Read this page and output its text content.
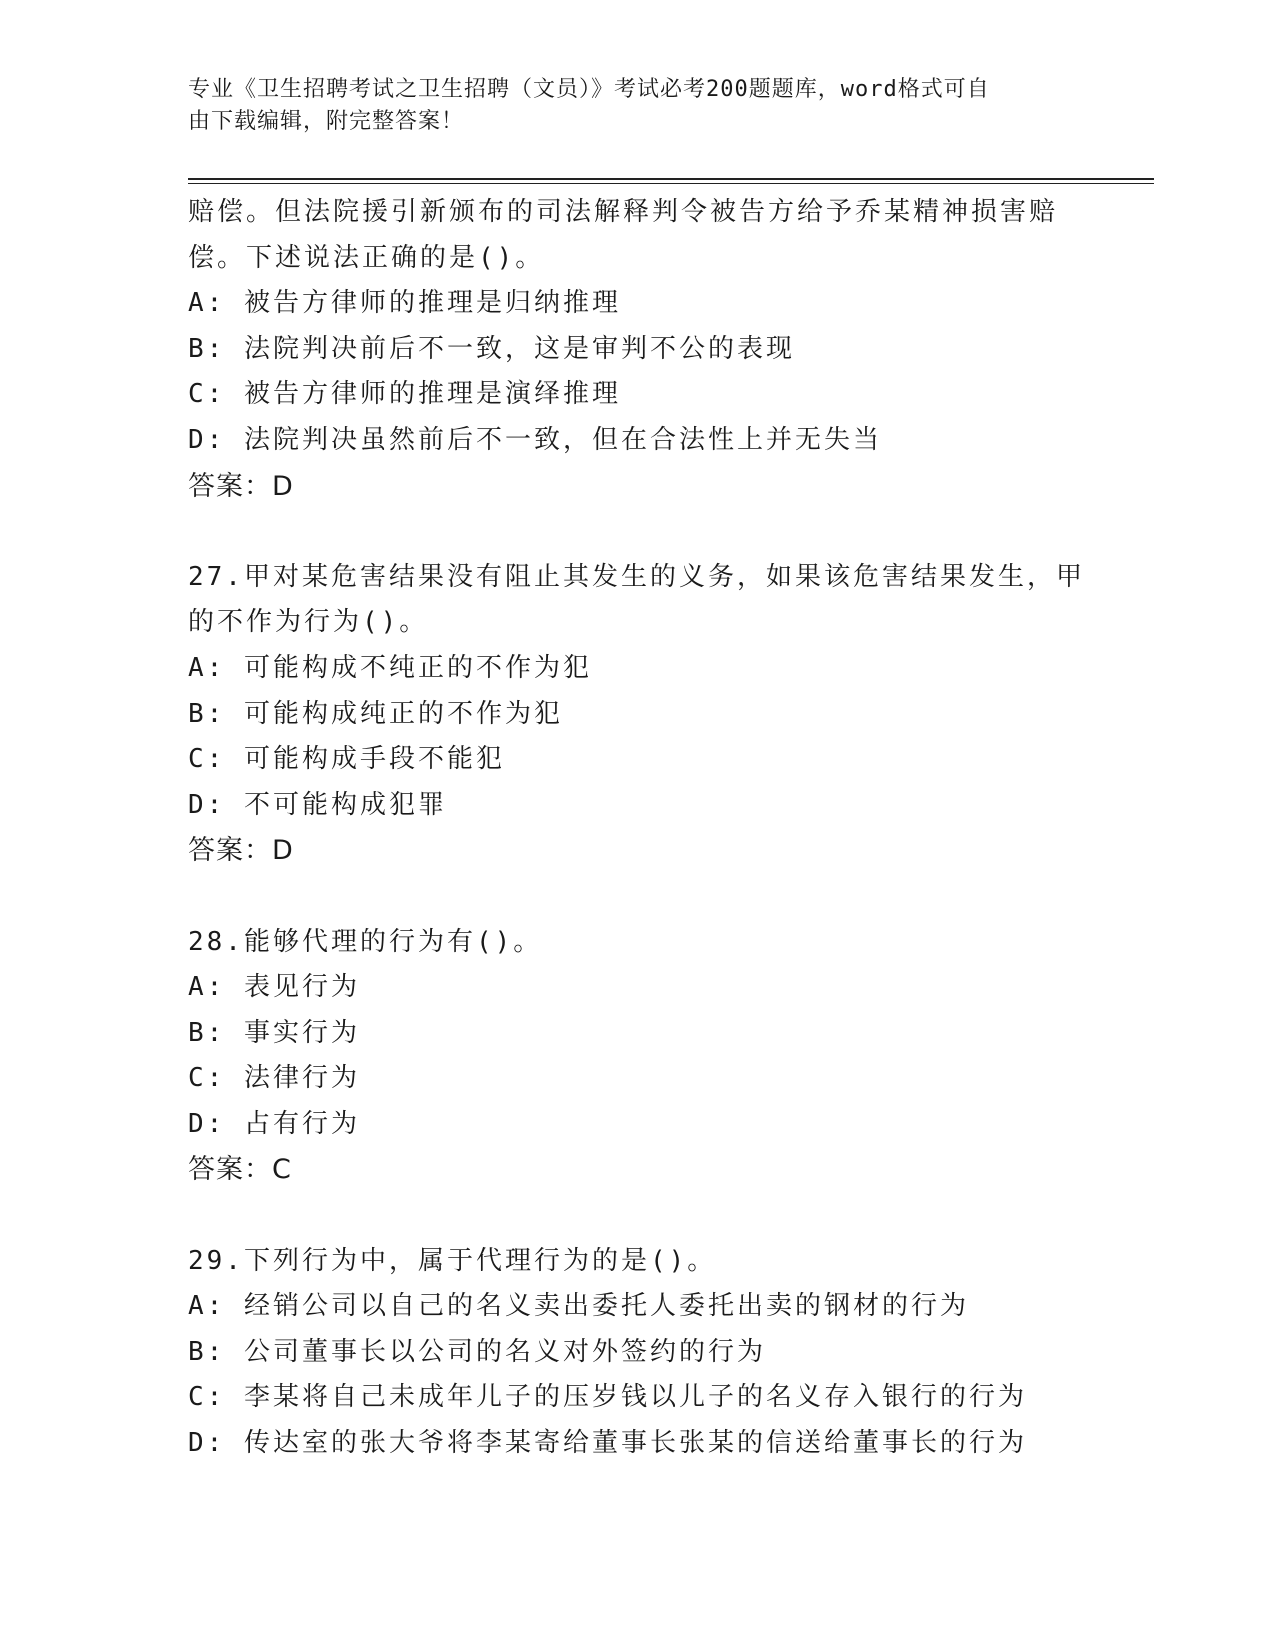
专业《卫生招聘考试之卫生招聘（文员）》考试必考200题题库，word格式可自
由下载编辑，附完整答案！
赔偿。但法院援引新颁布的司法解释判令被告方给予乔某精神损害赔
偿。下述说法正确的是()。
A: 被告方律师的推理是归纳推理
B: 法院判决前后不一致，这是审判不公的表现
C: 被告方律师的推理是演绎推理
D: 法院判决虽然前后不一致，但在合法性上并无失当
答案：D
27.甲对某危害结果没有阻止其发生的义务，如果该危害结果发生，甲
的不作为行为()。
A: 可能构成不纯正的不作为犯
B: 可能构成纯正的不作为犯
C: 可能构成手段不能犯
D: 不可能构成犯罪
答案：D
28.能够代理的行为有()。
A: 表见行为
B: 事实行为
C: 法律行为
D: 占有行为
答案：C
29.下列行为中，属于代理行为的是()。
A: 经销公司以自己的名义卖出委托人委托出卖的钢材的行为
B: 公司董事长以公司的名义对外签约的行为
C: 李某将自己未成年儿子的压岁钱以儿子的名义存入银行的行为
D: 传达室的张大爷将李某寄给董事长张某的信送给董事长的行为
